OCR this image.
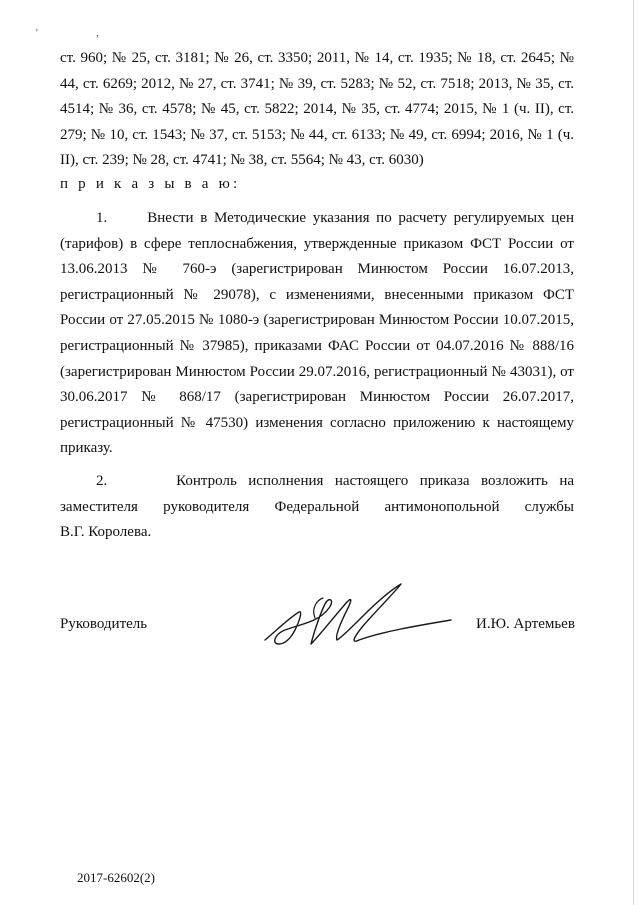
' ,

ст. 960; № 25, ст. 3181; № 26, ст. 3350; 2011, № 14, ст. 1935; № 18, ст. 2645; № 44, ст. 6269; 2012, № 27, ст. 3741; № 39, ст. 5283; № 52, ст. 7518; 2013, № 35, ст. 4514; № 36, ст. 4578; № 45, ст. 5822; 2014, № 35, ст. 4774; 2015, № 1 (ч. II), ст. 279; № 10, ст. 1543; № 37, ст. 5153; № 44, ст. 6133; № 49, ст. 6994; 2016, № 1 (ч. II), ст. 239; № 28, ст. 4741; № 38, ст. 5564; № 43, ст. 6030)

п р и к а з ы в а ю:

1.      Внести в Методические указания по расчету регулируемых цен (тарифов) в сфере теплоснабжения, утвержденные приказом ФСТ России от 13.06.2013 № 760-э (зарегистрирован Минюстом России 16.07.2013, регистрационный № 29078), с изменениями, внесенными приказом ФСТ России от 27.05.2015 № 1080-э (зарегистрирован Минюстом России 10.07.2015, регистрационный № 37985), приказами ФАС России от 04.07.2016 № 888/16 (зарегистрирован Минюстом России 29.07.2016, регистрационный № 43031), от 30.06.2017 № 868/17 (зарегистрирован Минюстом России 26.07.2017, регистрационный № 47530) изменения согласно приложению к настоящему приказу.

2.      Контроль исполнения настоящего приказа возложить на

заместителя руководителя Федеральной антимонопольной службы

В.Г. Королева.

Руководитель	И.Ю. Артемьев
2017-62602(2)
